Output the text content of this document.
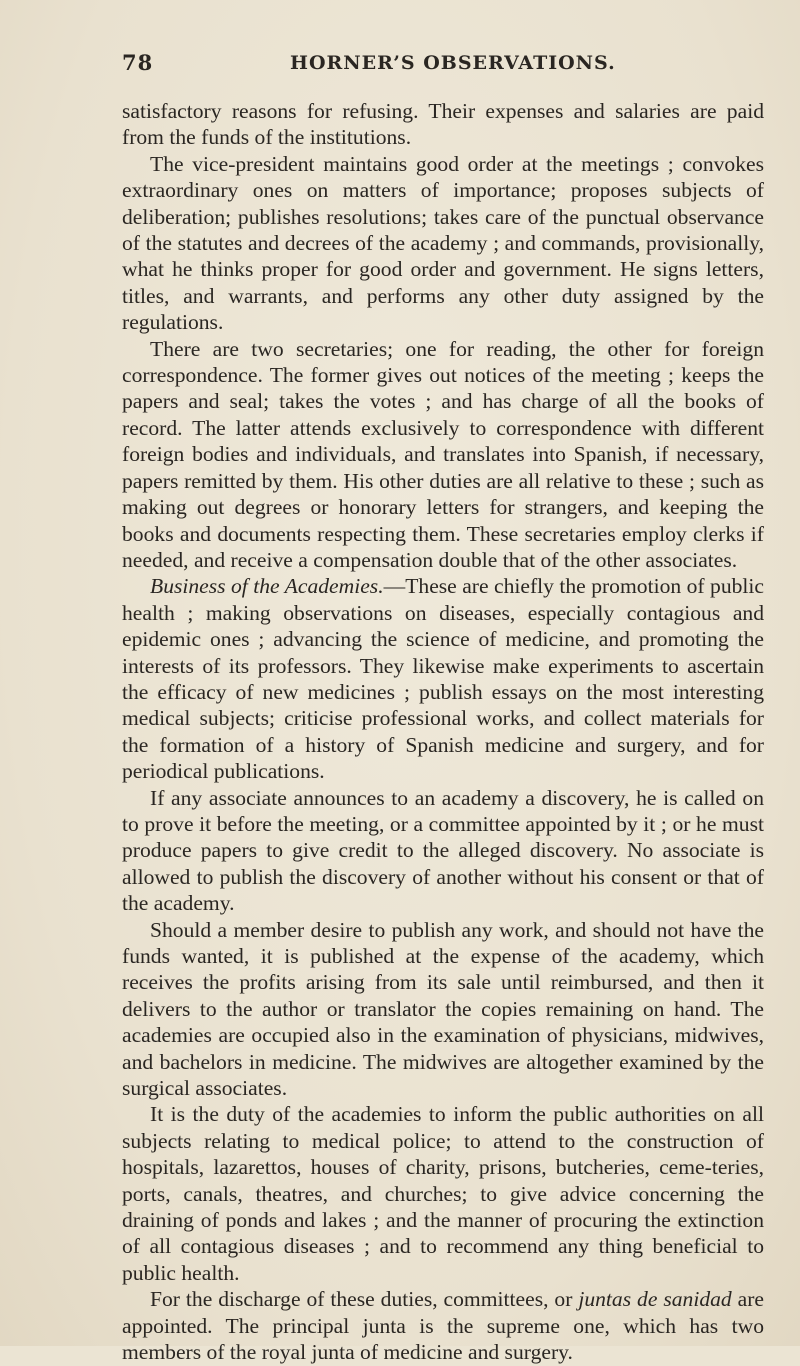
78	HORNER’S OBSERVATIONS.

satisfactory reasons for refusing. Their expenses and salaries are paid from the funds of the institutions.

The vice-president maintains good order at the meetings ; convokes extraordinary ones on matters of importance; proposes subjects of deliberation; publishes resolutions; takes care of the punctual observance of the statutes and decrees of the academy ; and commands, provisionally, what he thinks proper for good order and government. He signs letters, titles, and warrants, and performs any other duty assigned by the regulations.

There are two secretaries; one for reading, the other for foreign correspondence. The former gives out notices of the meeting ; keeps the papers and seal; takes the votes ; and has charge of all the books of record. The latter attends exclusively to correspondence with different foreign bodies and individuals, and translates into Spanish, if necessary, papers remitted by them. His other duties are all relative to these ; such as making out degrees or honorary letters for strangers, and keeping the books and documents respecting them. These secretaries employ clerks if needed, and receive a compensation double that of the other associates.

Business of the Academies.—These are chiefly the promotion of public health ; making observations on diseases, especially contagious and epidemic ones ; advancing the science of medicine, and promoting the interests of its professors. They likewise make experiments to ascertain the efficacy of new medicines ; publish essays on the most interesting medical subjects; criticise professional works, and collect materials for the formation of a history of Spanish medicine and surgery, and for periodical publications.

If any associate announces to an academy a discovery, he is called on to prove it before the meeting, or a committee appointed by it ; or he must produce papers to give credit to the alleged discovery. No associate is allowed to publish the discovery of another without his consent or that of the academy.

Should a member desire to publish any work, and should not have the funds wanted, it is published at the expense of the academy, which receives the profits arising from its sale until reimbursed, and then it delivers to the author or translator the copies remaining on hand. The academies are occupied also in the examination of physicians, midwives, and bachelors in medicine. The midwives are altogether examined by the surgical associates.

It is the duty of the academies to inform the public authorities on all subjects relating to medical police; to attend to the construction of hospitals, lazarettos, houses of charity, prisons, butcheries, ceme-teries, ports, canals, theatres, and churches; to give advice concerning the draining of ponds and lakes ; and the manner of procuring the extinction of all contagious diseases ; and to recommend any thing beneficial to public health.

For the discharge of these duties, committees, or juntas de sanidad are appointed. The principal junta is the supreme one, which has two members of the royal junta of medicine and surgery.
